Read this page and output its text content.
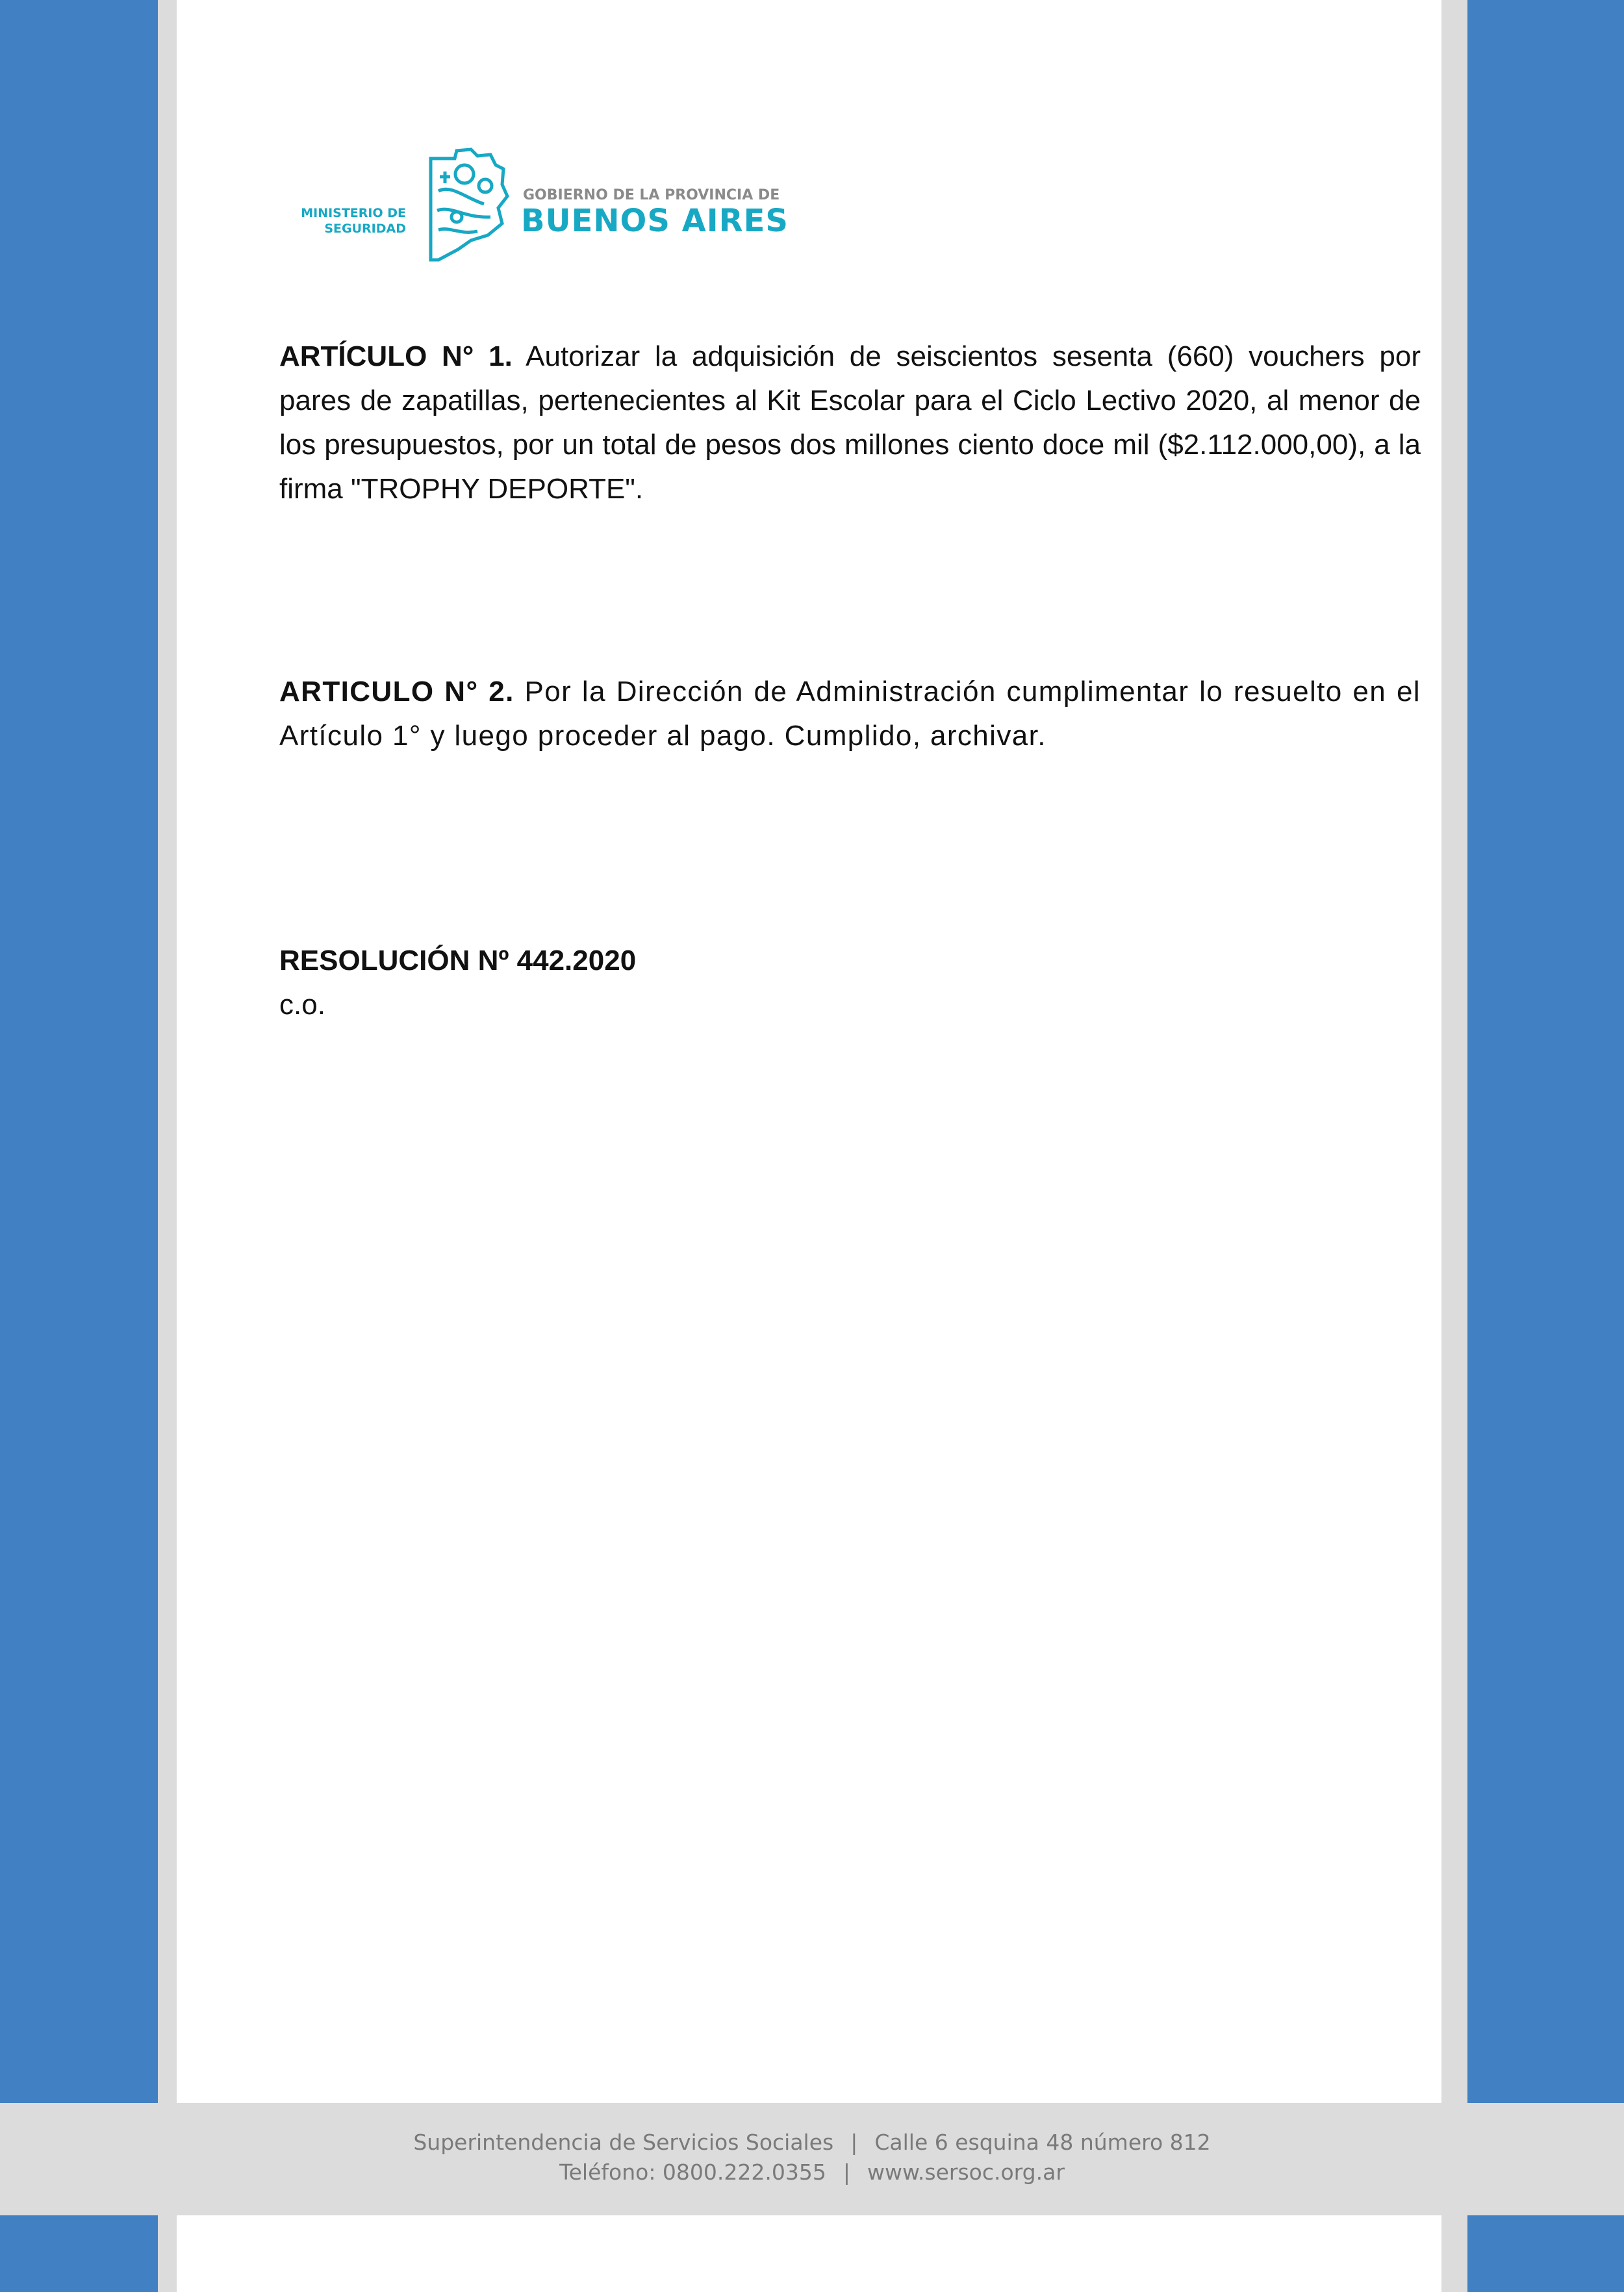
MINISTERIO DE
SEGURIDAD
GOBIERNO DE LA PROVINCIA DE
BUENOS AIRES

ARTÍCULO N° 1. Autorizar la adquisición de seiscientos sesenta (660) vouchers por pares de zapatillas, pertenecientes al Kit Escolar para el Ciclo Lectivo 2020, al menor de los presupuestos, por un total de pesos dos millones ciento doce mil ($2.112.000,00), a la firma "TROPHY DEPORTE".

ARTICULO N° 2. Por la Dirección de Administración cumplimentar lo resuelto en el Artículo 1° y luego proceder al pago. Cumplido, archivar.

RESOLUCIÓN Nº 442.2020
c.o.
Superintendencia de Servicios Sociales | Calle 6 esquina 48 número 812
Teléfono: 0800.222.0355 | www.sersoc.org.ar
